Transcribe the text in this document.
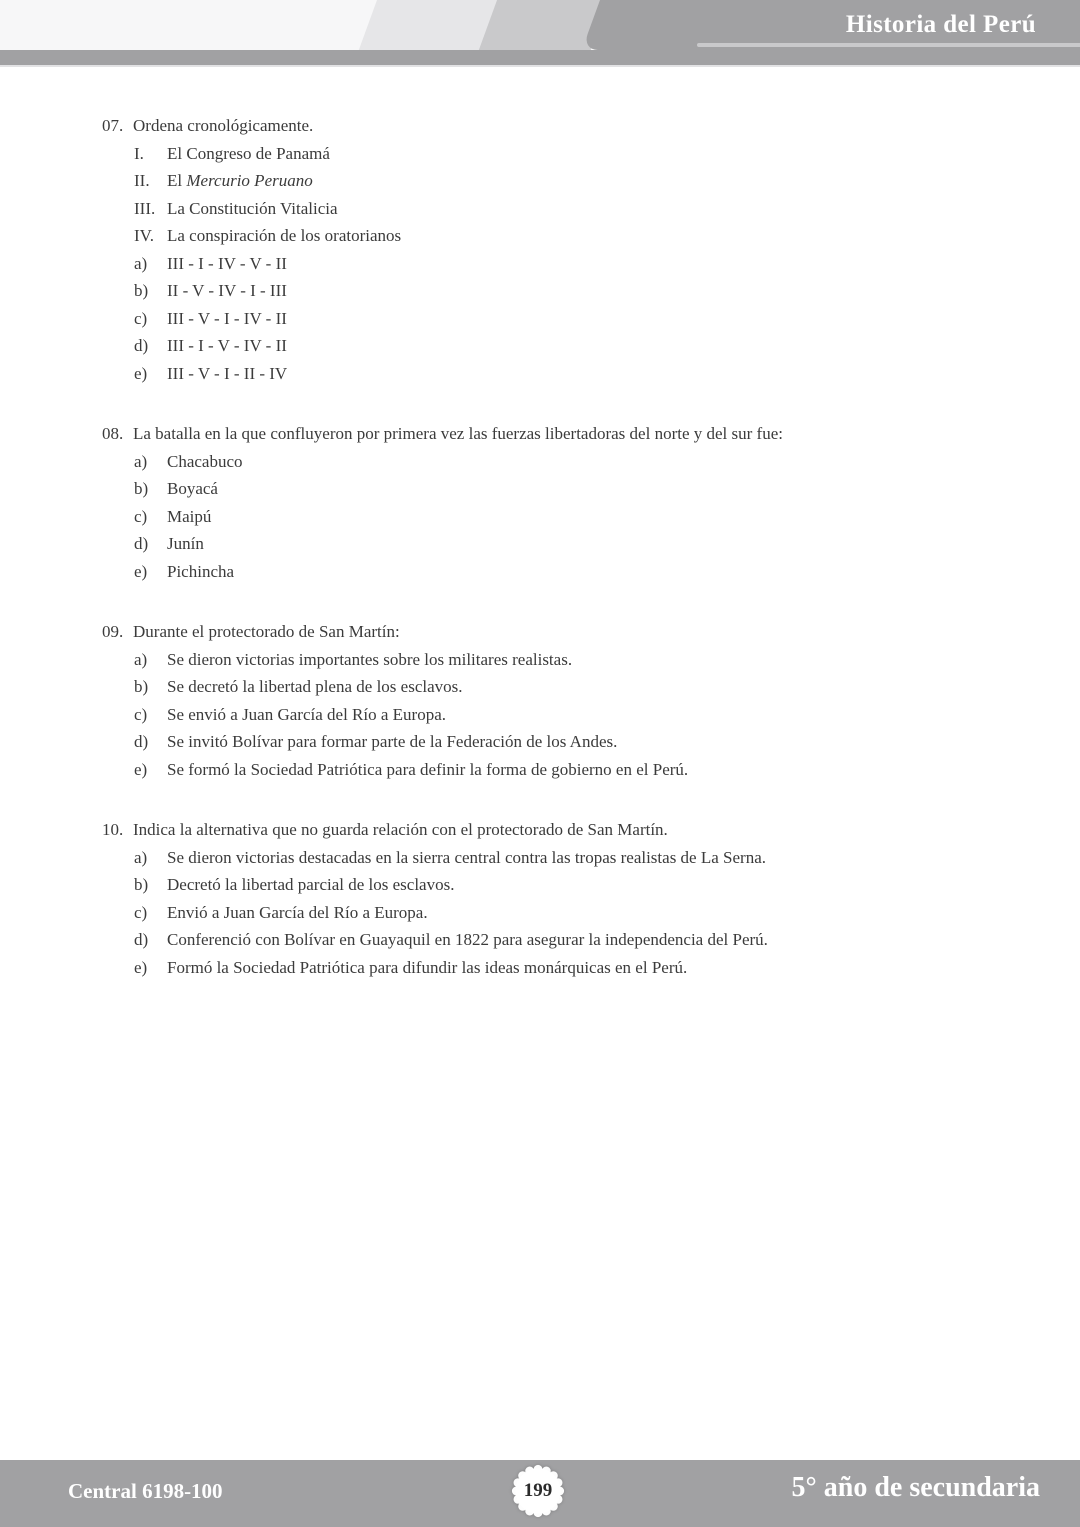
Historia del Perú
07. Ordena cronológicamente.
I.	El Congreso de Panamá
II.	El Mercurio Peruano
III. La Constitución Vitalicia
IV. La conspiración de los oratorianos
a)	III - I - IV - V - II
b)	II - V - IV - I - III
c)	III - V - I - IV - II
d)	III - I - V - IV - II
e)	III - V - I - II - IV
08. La batalla en la que confluyeron por primera vez las fuerzas libertadoras del norte y del sur fue:
a)	Chacabuco
b)	Boyacá
c)	Maipú
d)	Junín
e)	Pichincha
09. Durante el protectorado de San Martín:
a)	Se dieron victorias importantes sobre los militares realistas.
b)	Se decretó la libertad plena de los esclavos.
c)	Se envió a Juan García del Río a Europa.
d)	Se invitó Bolívar para formar parte de la Federación de los Andes.
e)	Se formó la Sociedad Patriótica para definir la forma de gobierno en el Perú.
10. Indica la alternativa que no guarda relación con el protectorado de San Martín.
a)	Se dieron victorias destacadas en la sierra central contra las tropas realistas de La Serna.
b)	Decretó la libertad parcial de los esclavos.
c)	Envió a Juan García del Río a Europa.
d)	Conferenció con Bolívar en Guayaquil en 1822 para asegurar la independencia del Perú.
e)	Formó la Sociedad Patriótica para difundir las ideas monárquicas en el Perú.
Central 6198-100	199	5° año de secundaria
